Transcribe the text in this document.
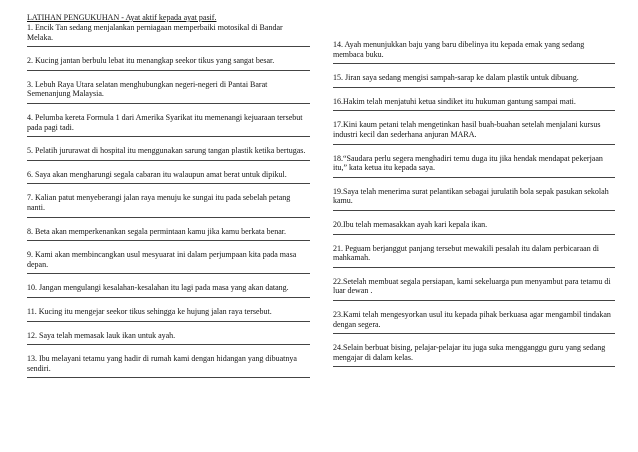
LATIHAN PENGUKUHAN - Ayat aktif kepada ayat pasif.
1. Encik Tan sedang menjalankan perniagaan memperbaiki motosikal di Bandar Melaka.
2. Kucing jantan berbulu lebat itu menangkap seekor tikus yang sangat besar.
3. Lebuh Raya Utara selatan menghubungkan negeri-negeri di Pantai Barat Semenanjung Malaysia.
4. Pelumba kereta Formula 1 dari Amerika Syarikat itu memenangi kejuaraan tersebut pada pagi tadi.
5. Pelatih jururawat di hospital itu menggunakan sarung tangan plastik ketika bertugas.
6. Saya akan mengharungi segala cabaran itu walaupun amat berat untuk dipikul.
7. Kalian patut menyeberangi jalan raya menuju ke sungai itu pada sebelah petang nanti.
8. Beta akan memperkenankan segala permintaan kamu jika kamu berkata benar.
9. Kami akan membincangkan usul mesyuarat ini dalam perjumpaan kita pada masa depan.
10. Jangan mengulangi kesalahan-kesalahan itu lagi pada masa yang akan datang.
11. Kucing itu mengejar seekor tikus sehingga ke hujung jalan raya tersebut.
12. Saya telah memasak lauk ikan untuk ayah.
13. Ibu melayani tetamu yang hadir di rumah kami dengan hidangan yang dibuatnya sendiri.
14. Ayah menunjukkan baju yang baru dibelinya itu kepada emak yang sedang membaca buku.
15. Jiran saya sedang mengisi sampah-sarap ke dalam plastik untuk dibuang.
16.Hakim telah menjatuhi ketua sindiket itu hukuman gantung sampai mati.
17.Kini kaum petani telah mengetinkan hasil buah-buahan setelah menjalani kursus industri kecil dan sederhana anjuran MARA.
18.“Saudara perlu segera menghadiri temu duga itu jika hendak mendapat pekerjaan itu,” kata ketua itu kepada saya.
19.Saya telah menerima surat pelantikan sebagai jurulatih bola sepak pasukan sekolah kamu.
20.Ibu telah memasakkan ayah kari kepala ikan.
21. Peguam berjanggut panjang tersebut mewakili pesalah itu dalam perbicaraan di mahkamah.
22.Setelah membuat segala persiapan, kami sekeluarga pun menyambut para tetamu di luar dewan .
23.Kami telah mengesyorkan usul itu kepada pihak berkuasa agar mengambil tindakan dengan segera.
24.Selain berbuat bising, pelajar-pelajar itu juga suka mengganggu guru yang sedang mengajar di dalam kelas.
